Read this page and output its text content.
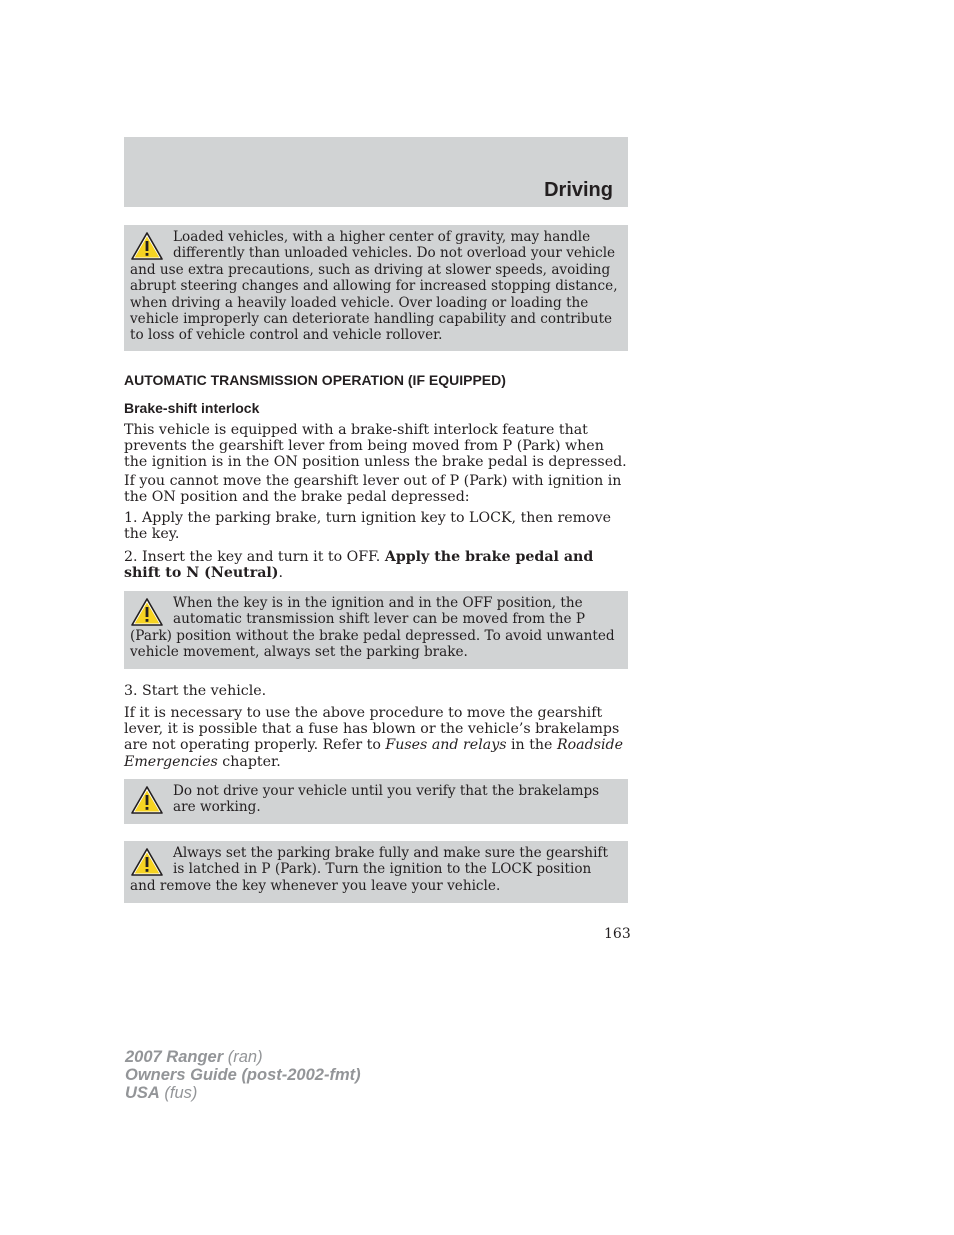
Driving

Loaded vehicles, with a higher center of gravity, may handle differently than unloaded vehicles. Do not overload your vehicle and use extra precautions, such as driving at slower speeds, avoiding abrupt steering changes and allowing for increased stopping distance, when driving a heavily loaded vehicle. Over loading or loading the vehicle improperly can deteriorate handling capability and contribute to loss of vehicle control and vehicle rollover.

AUTOMATIC TRANSMISSION OPERATION (IF EQUIPPED)
Brake-shift interlock

This vehicle is equipped with a brake-shift interlock feature that prevents the gearshift lever from being moved from P (Park) when the ignition is in the ON position unless the brake pedal is depressed.

If you cannot move the gearshift lever out of P (Park) with ignition in the ON position and the brake pedal depressed:

1. Apply the parking brake, turn ignition key to LOCK, then remove the key.

2. Insert the key and turn it to OFF. Apply the brake pedal and shift to N (Neutral).

When the key is in the ignition and in the OFF position, the automatic transmission shift lever can be moved from the P (Park) position without the brake pedal depressed. To avoid unwanted vehicle movement, always set the parking brake.

3. Start the vehicle.

If it is necessary to use the above procedure to move the gearshift lever, it is possible that a fuse has blown or the vehicle’s brakelamps are not operating properly. Refer to Fuses and relays in the Roadside Emergencies chapter.

Do not drive your vehicle until you verify that the brakelamps are working.

Always set the parking brake fully and make sure the gearshift is latched in P (Park). Turn the ignition to the LOCK position and remove the key whenever you leave your vehicle.

163
2007 Ranger (ran)
Owners Guide (post-2002-fmt)
USA (fus)
